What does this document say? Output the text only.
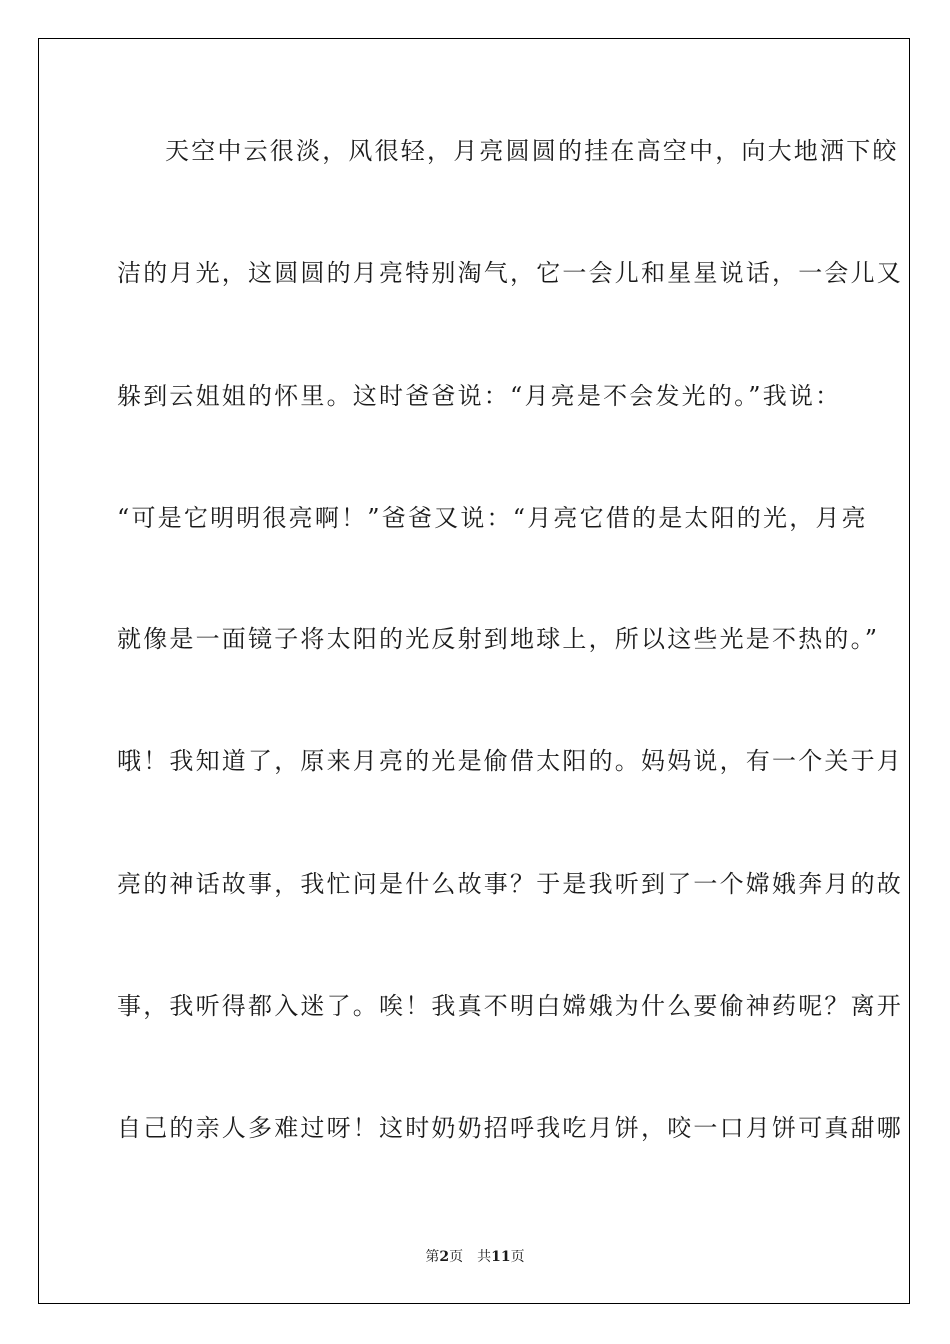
天空中云很淡，风很轻，月亮圆圆的挂在高空中，向大地洒下皎
洁的月光，这圆圆的月亮特别淘气，它一会儿和星星说话，一会儿又
躲到云姐姐的怀里。这时爸爸说：“月亮是不会发光的。”我说：
“可是它明明很亮啊！”爸爸又说：“月亮它借的是太阳的光，月亮
就像是一面镜子将太阳的光反射到地球上，所以这些光是不热的。”
哦！我知道了，原来月亮的光是偷借太阳的。妈妈说，有一个关于月
亮的神话故事，我忙问是什么故事？于是我听到了一个嫦娥奔月的故
事，我听得都入迷了。唉！我真不明白嫦娥为什么要偷神药呢？离开
自己的亲人多难过呀！这时奶奶招呼我吃月饼，咬一口月饼可真甜哪
第2页 共11页
